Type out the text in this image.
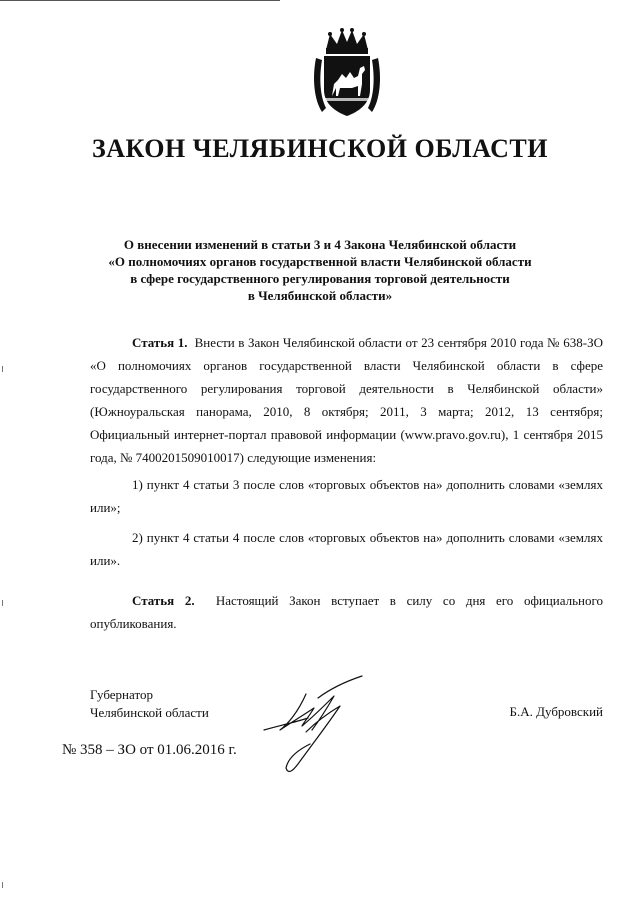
ЗАКОН ЧЕЛЯБИНСКОЙ ОБЛАСТИ
О внесении изменений в статьи 3 и 4 Закона Челябинской области
«О полномочиях органов государственной власти Челябинской области
в сфере государственного регулирования торговой деятельности
в Челябинской области»

Статья 1. Внести в Закон Челябинской области от 23 сентября 2010 года № 638-ЗО «О полномочиях органов государственной власти Челябинской области в сфере государственного регулирования торговой деятельности в Челябинской области» (Южноуральская панорама, 2010, 8 октября; 2011, 3 марта; 2012, 13 сентября; Официальный интернет-портал правовой информации (www.pravo.gov.ru), 1 сентября 2015 года, № 7400201509010017) следующие изменения:

1) пункт 4 статьи 3 после слов «торговых объектов на» дополнить словами «землях или»;

2) пункт 4 статьи 4 после слов «торговых объектов на» дополнить словами «землях или».

Статья 2. Настоящий Закон вступает в силу со дня его официального опубликования.

Губернатор
Челябинской области	Б.А. Дубровский
№ 358 – ЗО от 01.06.2016 г.
